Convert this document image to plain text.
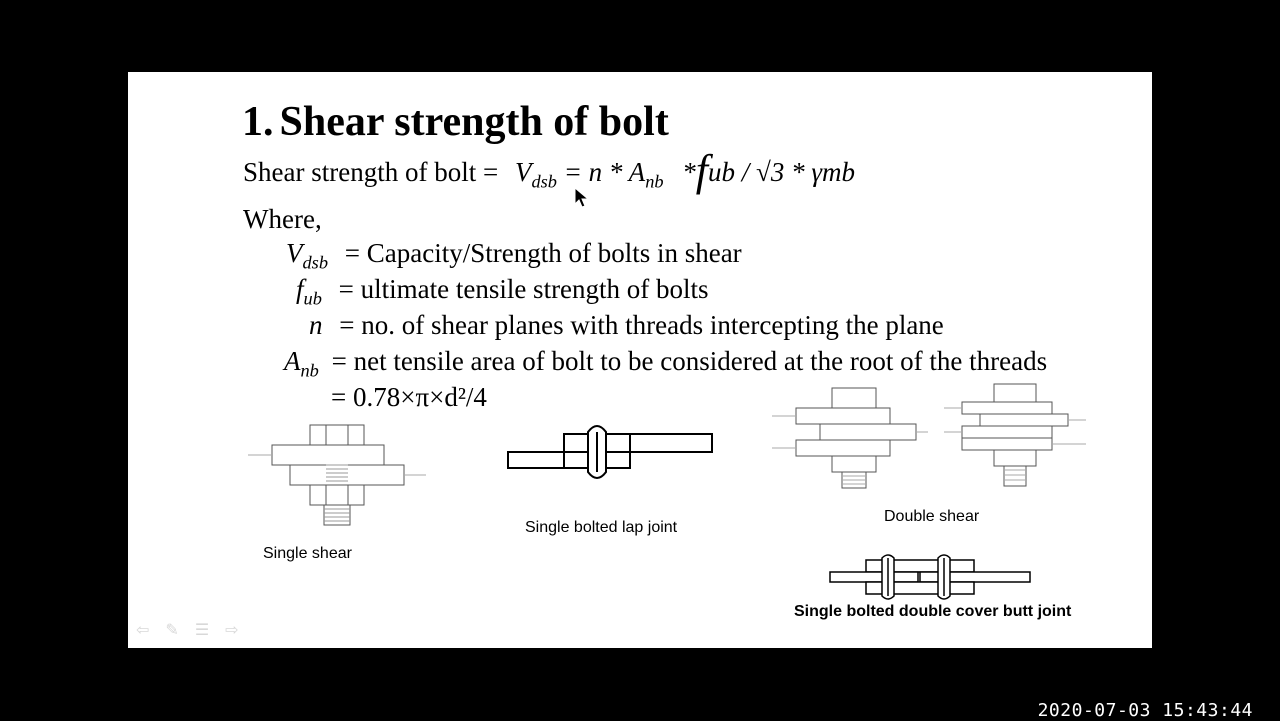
1. Shear strength of bolt
Shear strength of bolt = $V_{dsb} = n * A_{nb}$ *fub / √3 * γmb
Where,
$V_{dsb}$ = Capacity/Strength of bolts in shear
$f_{ub}$ = ultimate tensile strength of bolts
n = no. of shear planes with threads intercepting the plane
$A_{nb}$ = net tensile area of bolt to be considered at the root of the threads
= 0.78×π×d²/4
Single shear
Single bolted lap joint
Double shear
Single bolted double cover butt joint
⇦ ✎ ☰ ⇨
2020-07-03 15:43:44
